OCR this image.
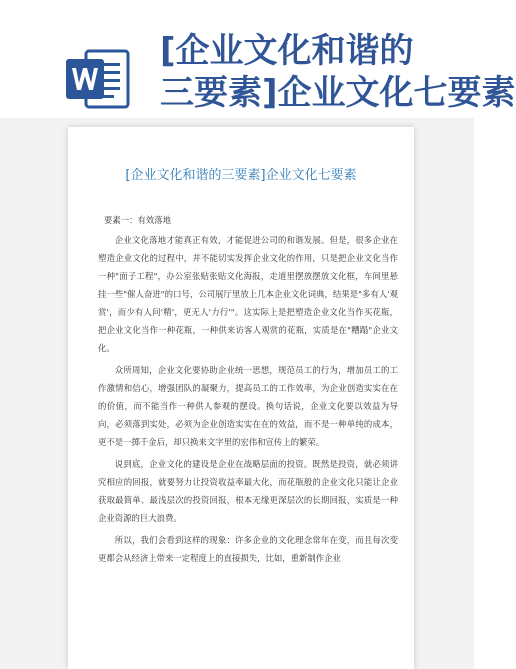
[企业文化和谐的
三要素]企业文化七要素
[企业文化和谐的三要素]企业文化七要素
要素一：有效落地

企业文化落地才能真正有效，才能促进公司的和谐发展。但是，很多企业在塑造企业文化的过程中，并不能切实发挥企业文化的作用，只是把企业文化当作一种"面子工程"，办公室张贴张贴文化海报，走道里摆放摆放文化框，车间里悬挂一些"催人奋进"的口号，公司展厅里放上几本企业文化词典，结果是"多有人'观赏'，而少有人问'精'，更无人'力行'"。这实际上是把塑造企业文化当作买花瓶，把企业文化当作一种花瓶，一种供来访客人观赏的花瓶，实质是在"糟蹋"企业文化。

众所周知，企业文化要协助企业统一思想，规范员工的行为，增加员工的工作激情和信心，增强团队的凝聚力，提高员工的工作效率，为企业创造实实在在的价值，而不能当作一种供人参观的摆设。换句话说，企业文化要以效益为导向，必须落到实处，必须为企业创造实实在在的效益，而不是一种单纯的成本，更不是一掷千金后，却只换来文字里的宏伟和宣传上的繁荣。

说到底，企业文化的建设是企业在战略层面的投资。既然是投资，就必须讲究相应的回报，就要努力让投资收益率最大化，而花瓶般的企业文化只能让企业获取最简单、最浅层次的投资回报，根本无缘更深层次的长期回报，实质是一种企业资源的巨大浪费。

所以，我们会看到这样的现象：许多企业的文化理念常年在变，而且每次变更都会从经济上带来一定程度上的直接损失，比如，重新制作企业
